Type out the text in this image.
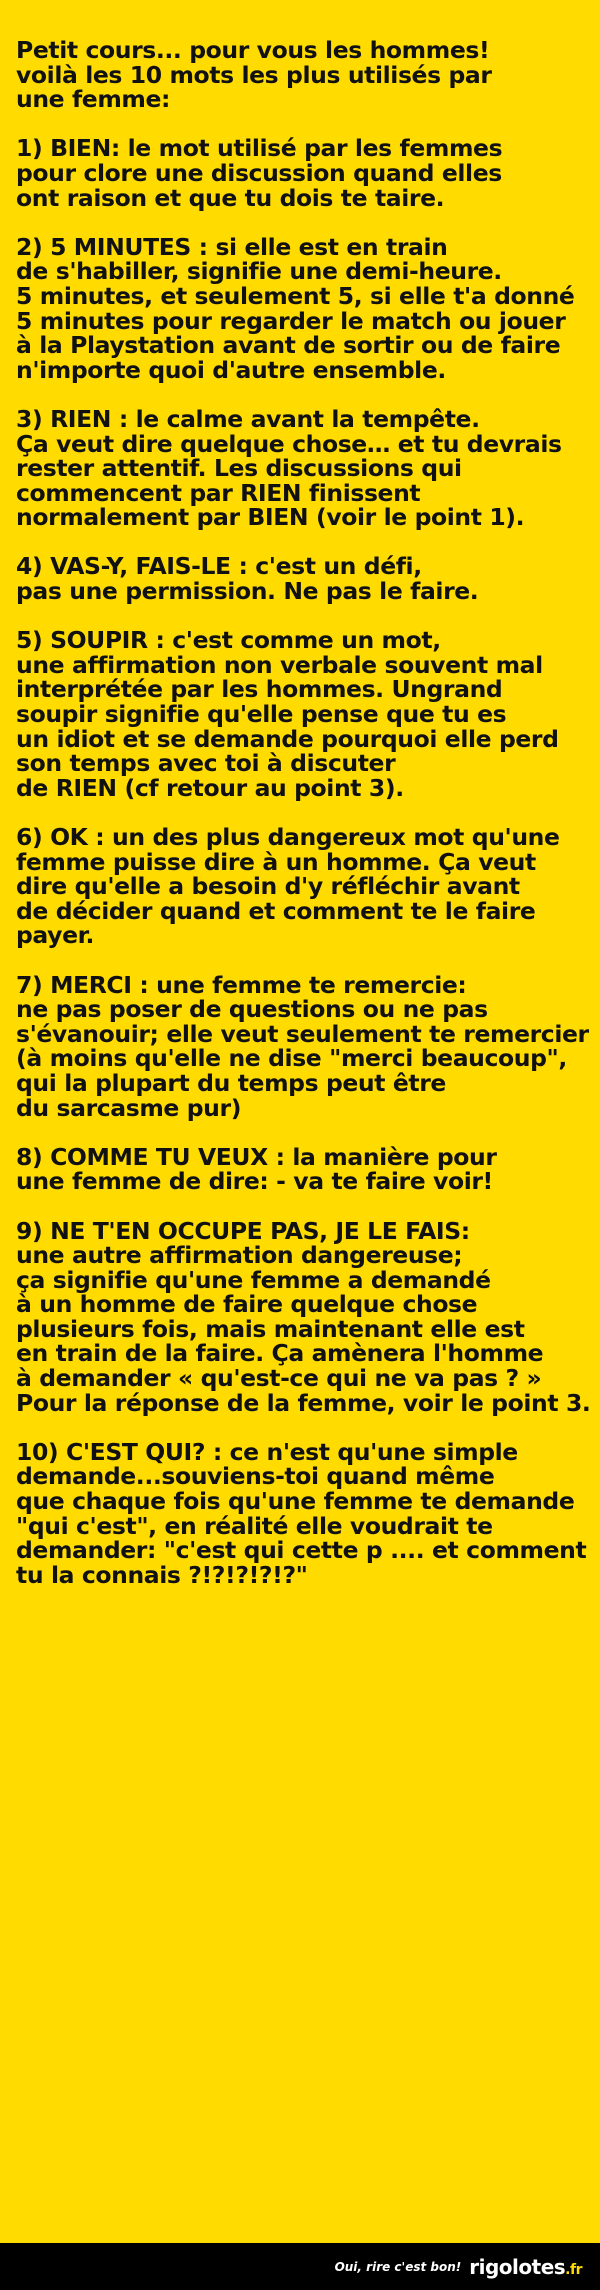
Petit cours... pour vous les hommes!
voilà les 10 mots les plus utilisés par
une femme:
1) BIEN: le mot utilisé par les femmes
pour clore une discussion quand elles
ont raison et que tu dois te taire.
2) 5 MINUTES : si elle est en train
de s'habiller, signifie une demi-heure.
5 minutes, et seulement 5, si elle t'a donné
5 minutes pour regarder le match ou jouer
à la Playstation avant de sortir ou de faire
n'importe quoi d'autre ensemble.
3) RIEN : le calme avant la tempête.
Ça veut dire quelque chose… et tu devrais
rester attentif. Les discussions qui
commencent par RIEN finissent
normalement par BIEN (voir le point 1).
4) VAS-Y, FAIS-LE : c'est un défi,
pas une permission. Ne pas le faire.
5) SOUPIR : c'est comme un mot,
une affirmation non verbale souvent mal
interprétée par les hommes. Ungrand
soupir signifie qu'elle pense que tu es
un idiot et se demande pourquoi elle perd
son temps avec toi à discuter
de RIEN (cf retour au point 3).
6) OK : un des plus dangereux mot qu'une
femme puisse dire à un homme. Ça veut
dire qu'elle a besoin d'y réfléchir avant
de décider quand et comment te le faire
payer.
7) MERCI : une femme te remercie:
ne pas poser de questions ou ne pas
s'évanouir; elle veut seulement te remercier
(à moins qu'elle ne dise "merci beaucoup",
qui la plupart du temps peut être
du sarcasme pur)
8) COMME TU VEUX : la manière pour
une femme de dire: - va te faire voir!
9) NE T'EN OCCUPE PAS, JE LE FAIS:
une autre affirmation dangereuse;
ça signifie qu'une femme a demandé
à un homme de faire quelque chose
plusieurs fois, mais maintenant elle est
en train de la faire. Ça amènera l'homme
à demander « qu'est-ce qui ne va pas ? »
Pour la réponse de la femme, voir le point 3.
10) C'EST QUI? : ce n'est qu'une simple
demande...souviens-toi quand même
que chaque fois qu'une femme te demande
"qui c'est", en réalité elle voudrait te
demander: "c'est qui cette p .... et comment
tu la connais ?!?!?!?!?"
Oui, rire c'est bon! rigolotes.fr
